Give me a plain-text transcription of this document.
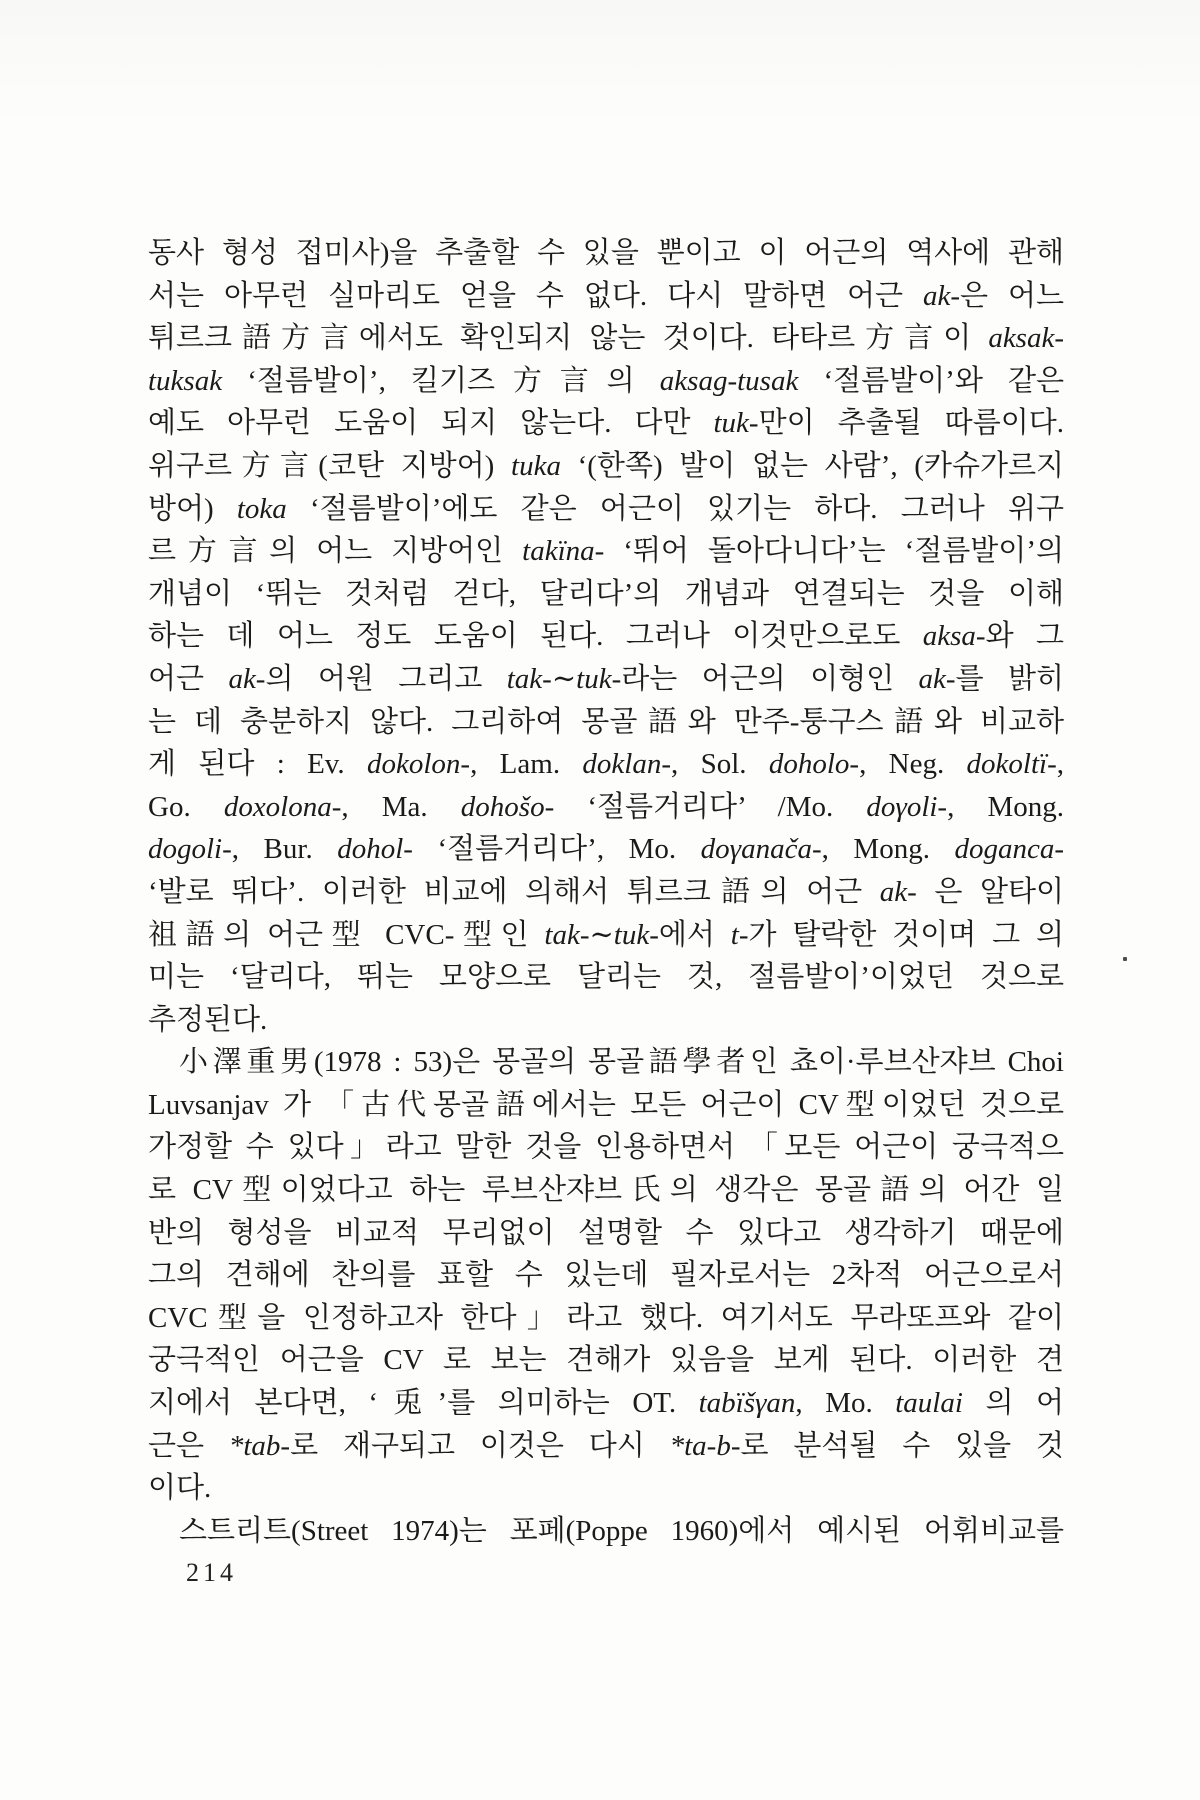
동사 형성 접미사)을 추출할 수 있을 뿐이고 이 어근의 역사에 관해
서는 아무런 실마리도 얻을 수 없다. 다시 말하면 어근 ak-은 어느
튀르크語方言에서도 확인되지 않는 것이다. 타타르方言이 aksak-
tuksak ‘절름발이’, 킬기즈方言의 aksag-tusak ‘절름발이’와 같은
예도 아무런 도움이 되지 않는다. 다만 tuk-만이 추출될 따름이다.
위구르方言(코탄 지방어) tuka ‘(한쪽) 발이 없는 사람’, (카슈가르지
방어) toka ‘절름발이’에도 같은 어근이 있기는 하다. 그러나 위구
르方言의 어느 지방어인 takïna- ‘뛰어 돌아다니다’는 ‘절름발이’의
개념이 ‘뛰는 것처럼 걷다, 달리다’의 개념과 연결되는 것을 이해
하는 데 어느 정도 도움이 된다. 그러나 이것만으로도 aksa-와 그
어근 ak-의 어원 그리고 tak-∼tuk-라는 어근의 이형인 ak-를 밝히
는 데 충분하지 않다. 그리하여 몽골語와 만주-퉁구스語와 비교하
게 된다 : Ev. dokolon-, Lam. doklan-, Sol. doholo-, Neg. dokoltï-,
Go. doxolona-, Ma. dohošo- ‘절름거리다’ /Mo. doγoli-, Mong.
dogoli-, Bur. dohol- ‘절름거리다’, Mo. doγanača-, Mong. doganca-
‘발로 뛰다’. 이러한 비교에 의해서 튀르크語의 어근 ak- 은 알타이
祖語의 어근型 CVC-型인 tak-∼tuk-에서 t-가 탈락한 것이며 그 의
미는 ‘달리다, 뛰는 모양으로 달리는 것, 절름발이’이었던 것으로
추정된다.
小澤重男(1978 : 53)은 몽골의 몽골語學者인 쵸이·루브산쟈브 Choi
Luvsanjav 가 「古代몽골語에서는 모든 어근이 CV型이었던 것으로
가정할 수 있다」라고 말한 것을 인용하면서 「모든 어근이 궁극적으
로 CV型이었다고 하는 루브산쟈브氏의 생각은 몽골語의 어간 일
반의 형성을 비교적 무리없이 설명할 수 있다고 생각하기 때문에
그의 견해에 찬의를 표할 수 있는데 필자로서는 2차적 어근으로서
CVC型을 인정하고자 한다」라고 했다. 여기서도 무라또프와 같이
궁극적인 어근을 CV 로 보는 견해가 있음을 보게 된다. 이러한 견
지에서 본다면, ‘兎’를 의미하는 OT. tabïšγan, Mo. taulai 의 어
근은 *tab-로 재구되고 이것은 다시 *ta-b-로 분석될 수 있을 것
이다.
스트리트(Street 1974)는 포페(Poppe 1960)에서 예시된 어휘비교를
214
